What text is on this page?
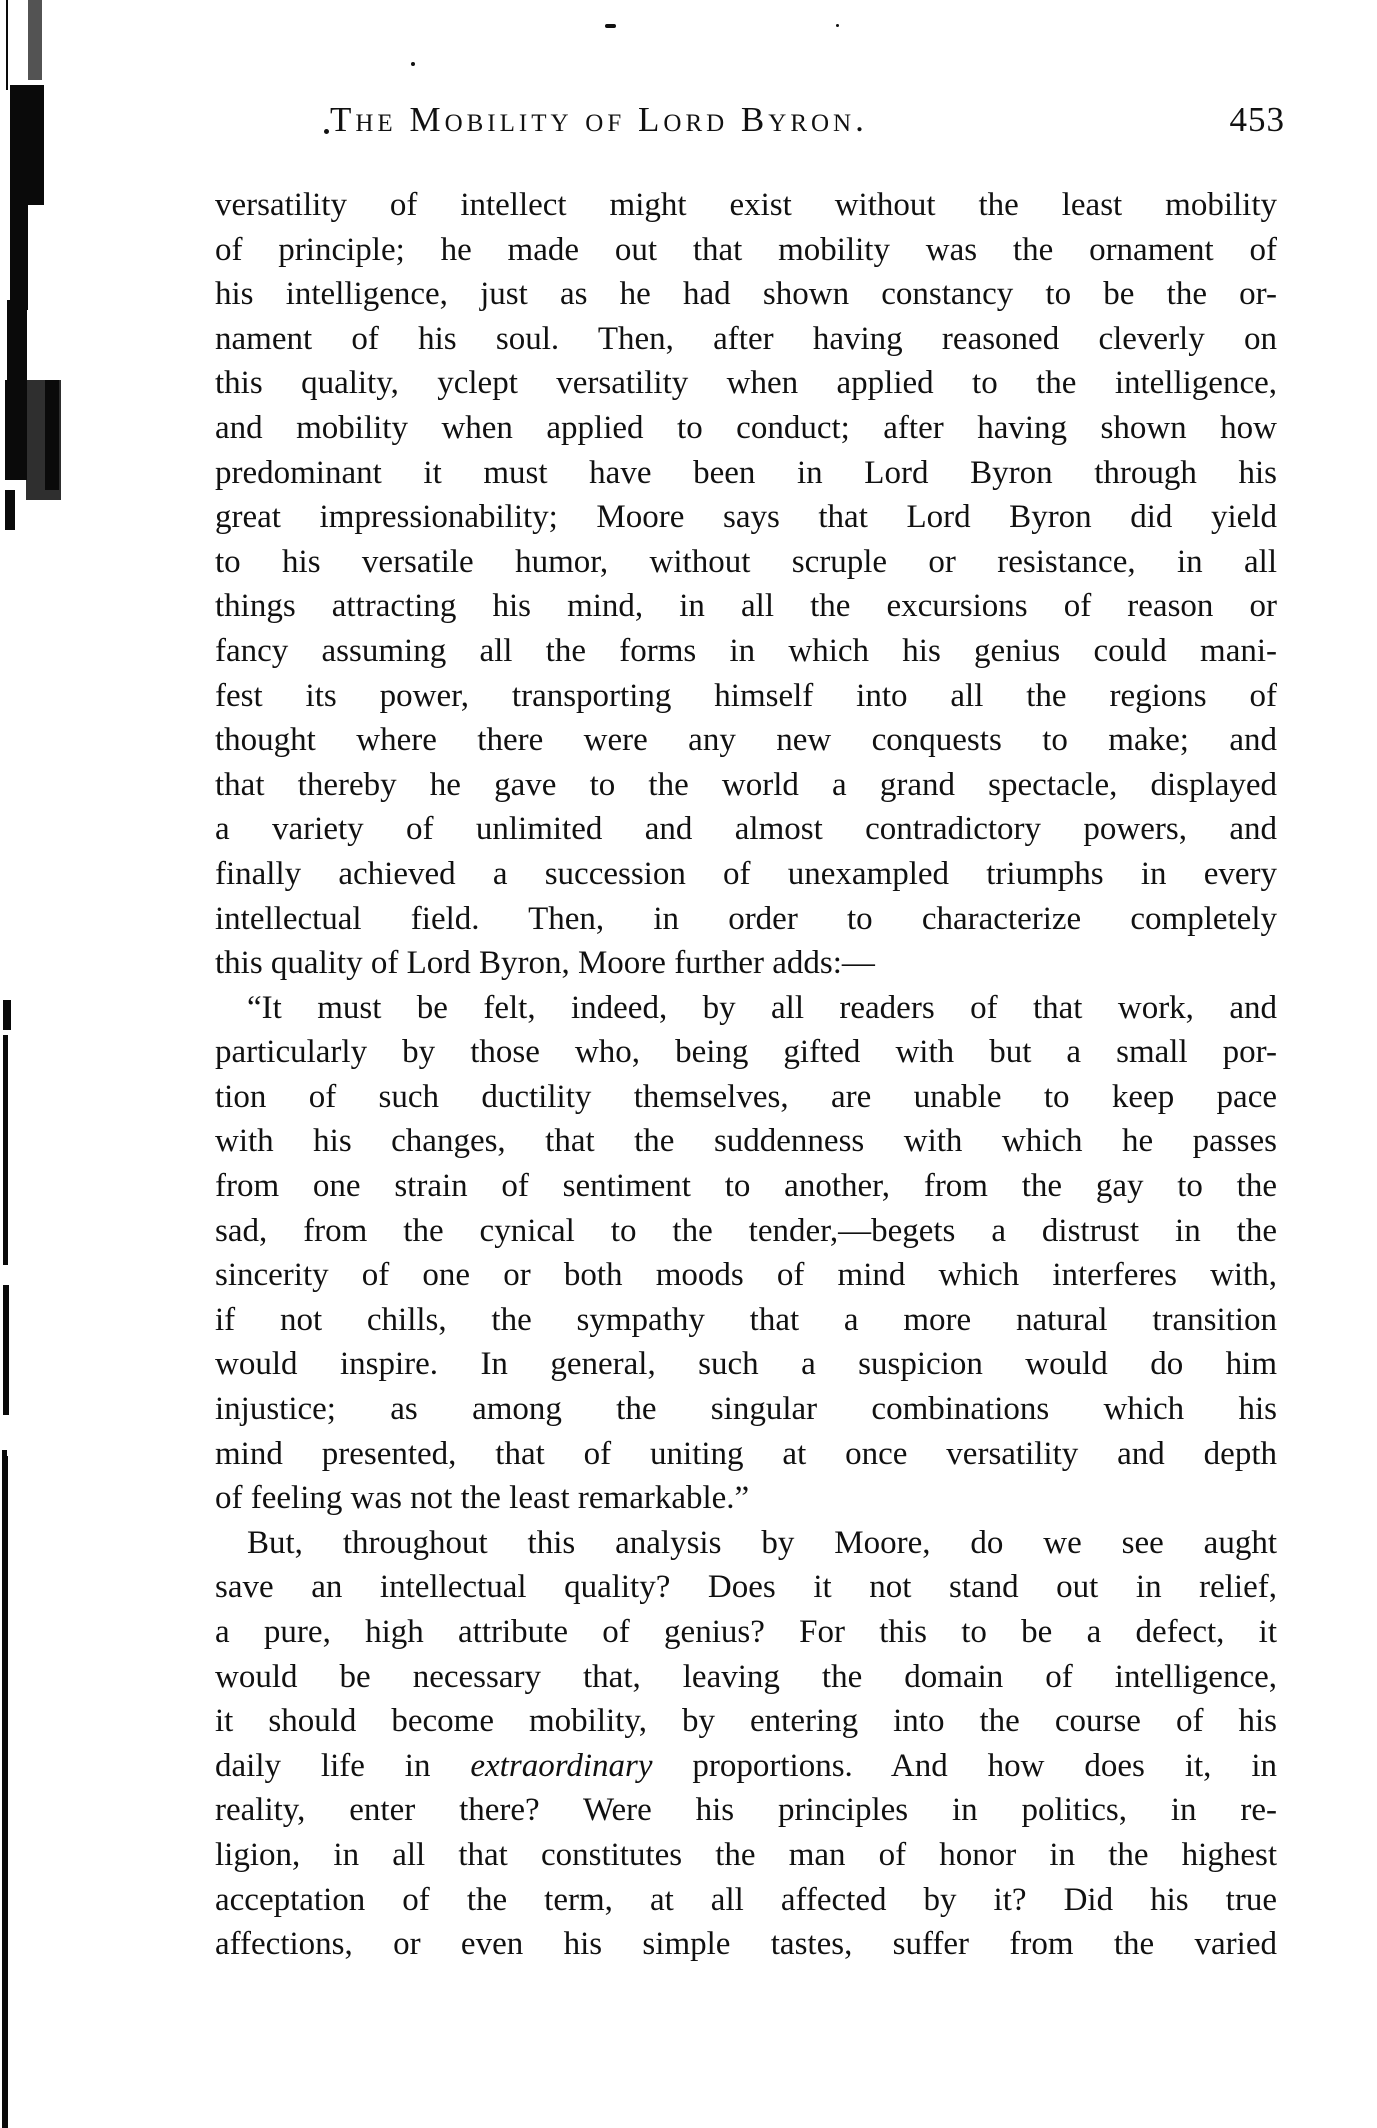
The Mobility of Lord Byron.	453
versatility of intellect might exist without the least mobility
of principle; he made out that mobility was the ornament of
his intelligence, just as he had shown constancy to be the or-
nament of his soul. Then, after having reasoned cleverly on
this quality, yclept versatility when applied to the intelligence,
and mobility when applied to conduct; after having shown how
predominant it must have been in Lord Byron through his
great impressionability; Moore says that Lord Byron did yield
to his versatile humor, without scruple or resistance, in all
things attracting his mind, in all the excursions of reason or
fancy assuming all the forms in which his genius could mani-
fest its power, transporting himself into all the regions of
thought where there were any new conquests to make; and
that thereby he gave to the world a grand spectacle, displayed
a variety of unlimited and almost contradictory powers, and
finally achieved a succession of unexampled triumphs in every
intellectual field. Then, in order to characterize completely
this quality of Lord Byron, Moore further adds:—
“It must be felt, indeed, by all readers of that work, and
particularly by those who, being gifted with but a small por-
tion of such ductility themselves, are unable to keep pace
with his changes, that the suddenness with which he passes
from one strain of sentiment to another, from the gay to the
sad, from the cynical to the tender,—begets a distrust in the
sincerity of one or both moods of mind which interferes with,
if not chills, the sympathy that a more natural transition
would inspire. In general, such a suspicion would do him
injustice; as among the singular combinations which his
mind presented, that of uniting at once versatility and depth
of feeling was not the least remarkable.”
But, throughout this analysis by Moore, do we see aught
save an intellectual quality? Does it not stand out in relief,
a pure, high attribute of genius? For this to be a defect, it
would be necessary that, leaving the domain of intelligence,
it should become mobility, by entering into the course of his
daily life in extraordinary proportions. And how does it, in
reality, enter there? Were his principles in politics, in re-
ligion, in all that constitutes the man of honor in the highest
acceptation of the term, at all affected by it? Did his true
affections, or even his simple tastes, suffer from the varied
